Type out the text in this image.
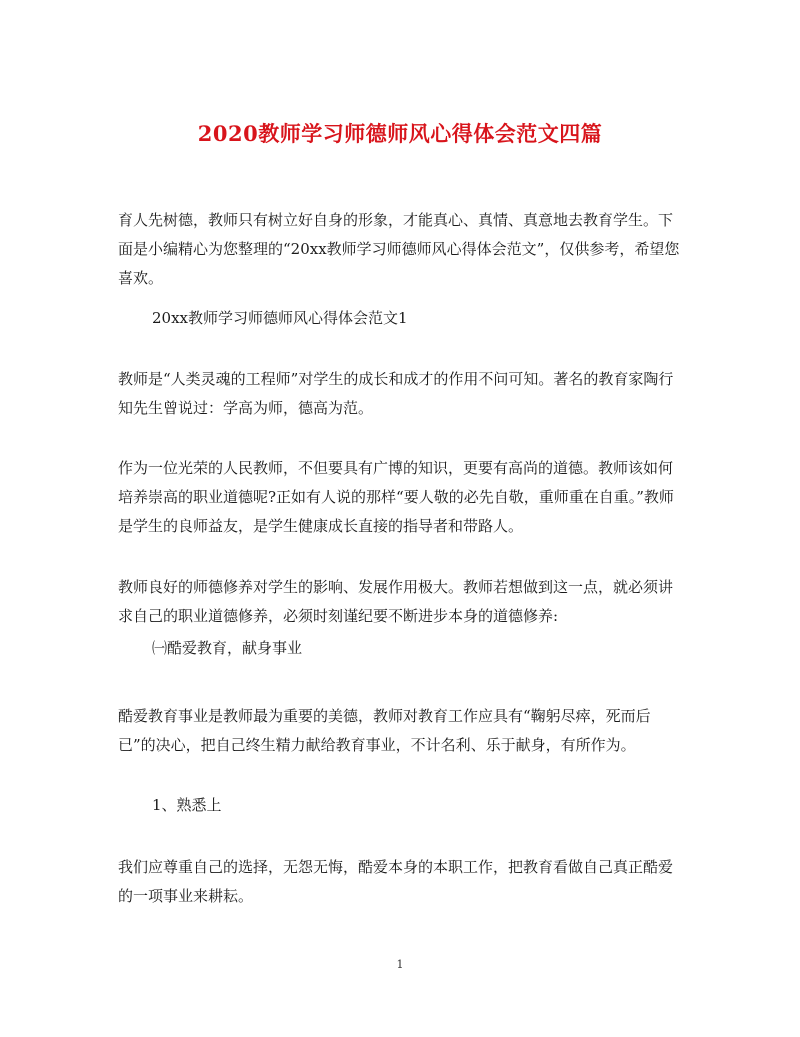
2020教师学习师德师风心得体会范文四篇

育人先树德，教师只有树立好自身的形象，才能真心、真情、真意地去教育学生。下面是小编精心为您整理的“20xx教师学习师德师风心得体会范文”，仅供参考，希望您喜欢。

20xx教师学习师德师风心得体会范文1

教师是“人类灵魂的工程师”对学生的成长和成才的作用不问可知。著名的教育家陶行知先生曾说过：学高为师，德高为范。

作为一位光荣的人民教师，不但要具有广博的知识，更要有高尚的道德。教师该如何培养崇高的职业道德呢?正如有人说的那样“要人敬的必先自敬，重师重在自重。”教师是学生的良师益友，是学生健康成长直接的指导者和带路人。

教师良好的师德修养对学生的影响、发展作用极大。教师若想做到这一点，就必须讲求自己的职业道德修养，必须时刻谨纪要不断进步本身的道德修养:

㈠酷爱教育，献身事业

酷爱教育事业是教师最为重要的美德，教师对教育工作应具有“鞠躬尽瘁，死而后已”的决心，把自己终生精力献给教育事业，不计名利、乐于献身，有所作为。

1、熟悉上

我们应尊重自己的选择，无怨无悔，酷爱本身的本职工作，把教育看做自己真正酷爱的一项事业来耕耘。

1
